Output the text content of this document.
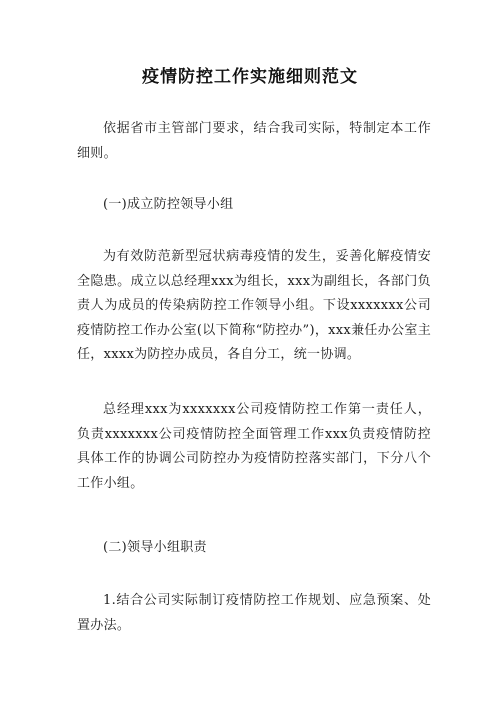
疫情防控工作实施细则范文
依据省市主管部门要求，结合我司实际，特制定本工作细则。
(一)成立防控领导小组
为有效防范新型冠状病毒疫情的发生，妥善化解疫情安全隐患。成立以总经理xxx为组长，xxx为副组长，各部门负责人为成员的传染病防控工作领导小组。下设xxxxxxx公司疫情防控工作办公室(以下简称“防控办”)，xxx兼任办公室主任，xxxx为防控办成员，各自分工，统一协调。
总经理xxx为xxxxxxx公司疫情防控工作第一责任人，负责xxxxxxx公司疫情防控全面管理工作xxx负责疫情防控具体工作的协调公司防控办为疫情防控落实部门，下分八个工作小组。
(二)领导小组职责
1.结合公司实际制订疫情防控工作规划、应急预案、处置办法。
